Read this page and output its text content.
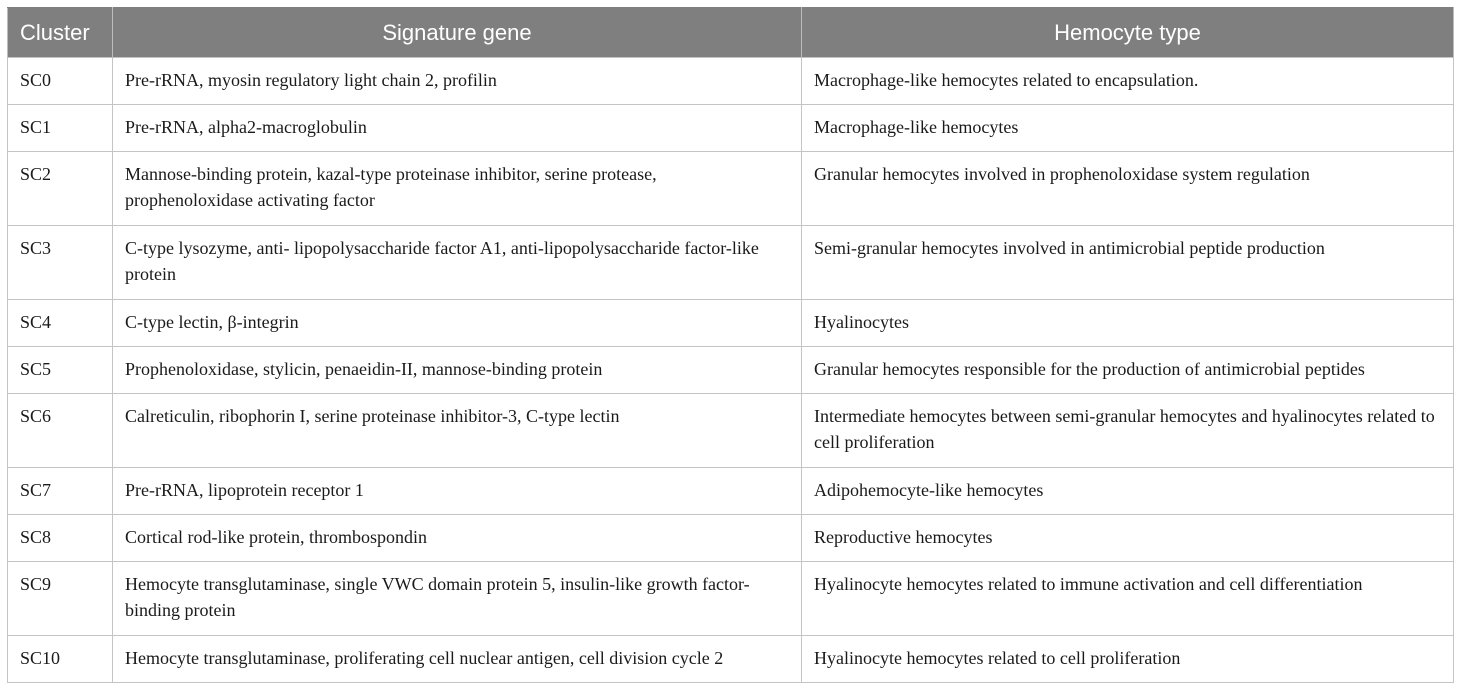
Cluster	Signature gene	Hemocyte type
SC0	Pre-rRNA, myosin regulatory light chain 2, profilin	Macrophage-like hemocytes related to encapsulation.
SC1	Pre-rRNA, alpha2-macroglobulin	Macrophage-like hemocytes
SC2	Mannose-binding protein, kazal-type proteinase inhibitor, serine protease, prophenoloxidase activating factor	Granular hemocytes involved in prophenoloxidase system regulation
SC3	C-type lysozyme, anti- lipopolysaccharide factor A1, anti-lipopolysaccharide factor-like protein	Semi-granular hemocytes involved in antimicrobial peptide production
SC4	C-type lectin, β-integrin	Hyalinocytes
SC5	Prophenoloxidase, stylicin, penaeidin-II, mannose-binding protein	Granular hemocytes responsible for the production of antimicrobial peptides
SC6	Calreticulin, ribophorin I, serine proteinase inhibitor-3, C-type lectin	Intermediate hemocytes between semi-granular hemocytes and hyalinocytes related to cell proliferation
SC7	Pre-rRNA, lipoprotein receptor 1	Adipohemocyte-like hemocytes
SC8	Cortical rod-like protein, thrombospondin	Reproductive hemocytes
SC9	Hemocyte transglutaminase, single VWC domain protein 5, insulin-like growth factor-binding protein	Hyalinocyte hemocytes related to immune activation and cell differentiation
SC10	Hemocyte transglutaminase, proliferating cell nuclear antigen, cell division cycle 2	Hyalinocyte hemocytes related to cell proliferation
